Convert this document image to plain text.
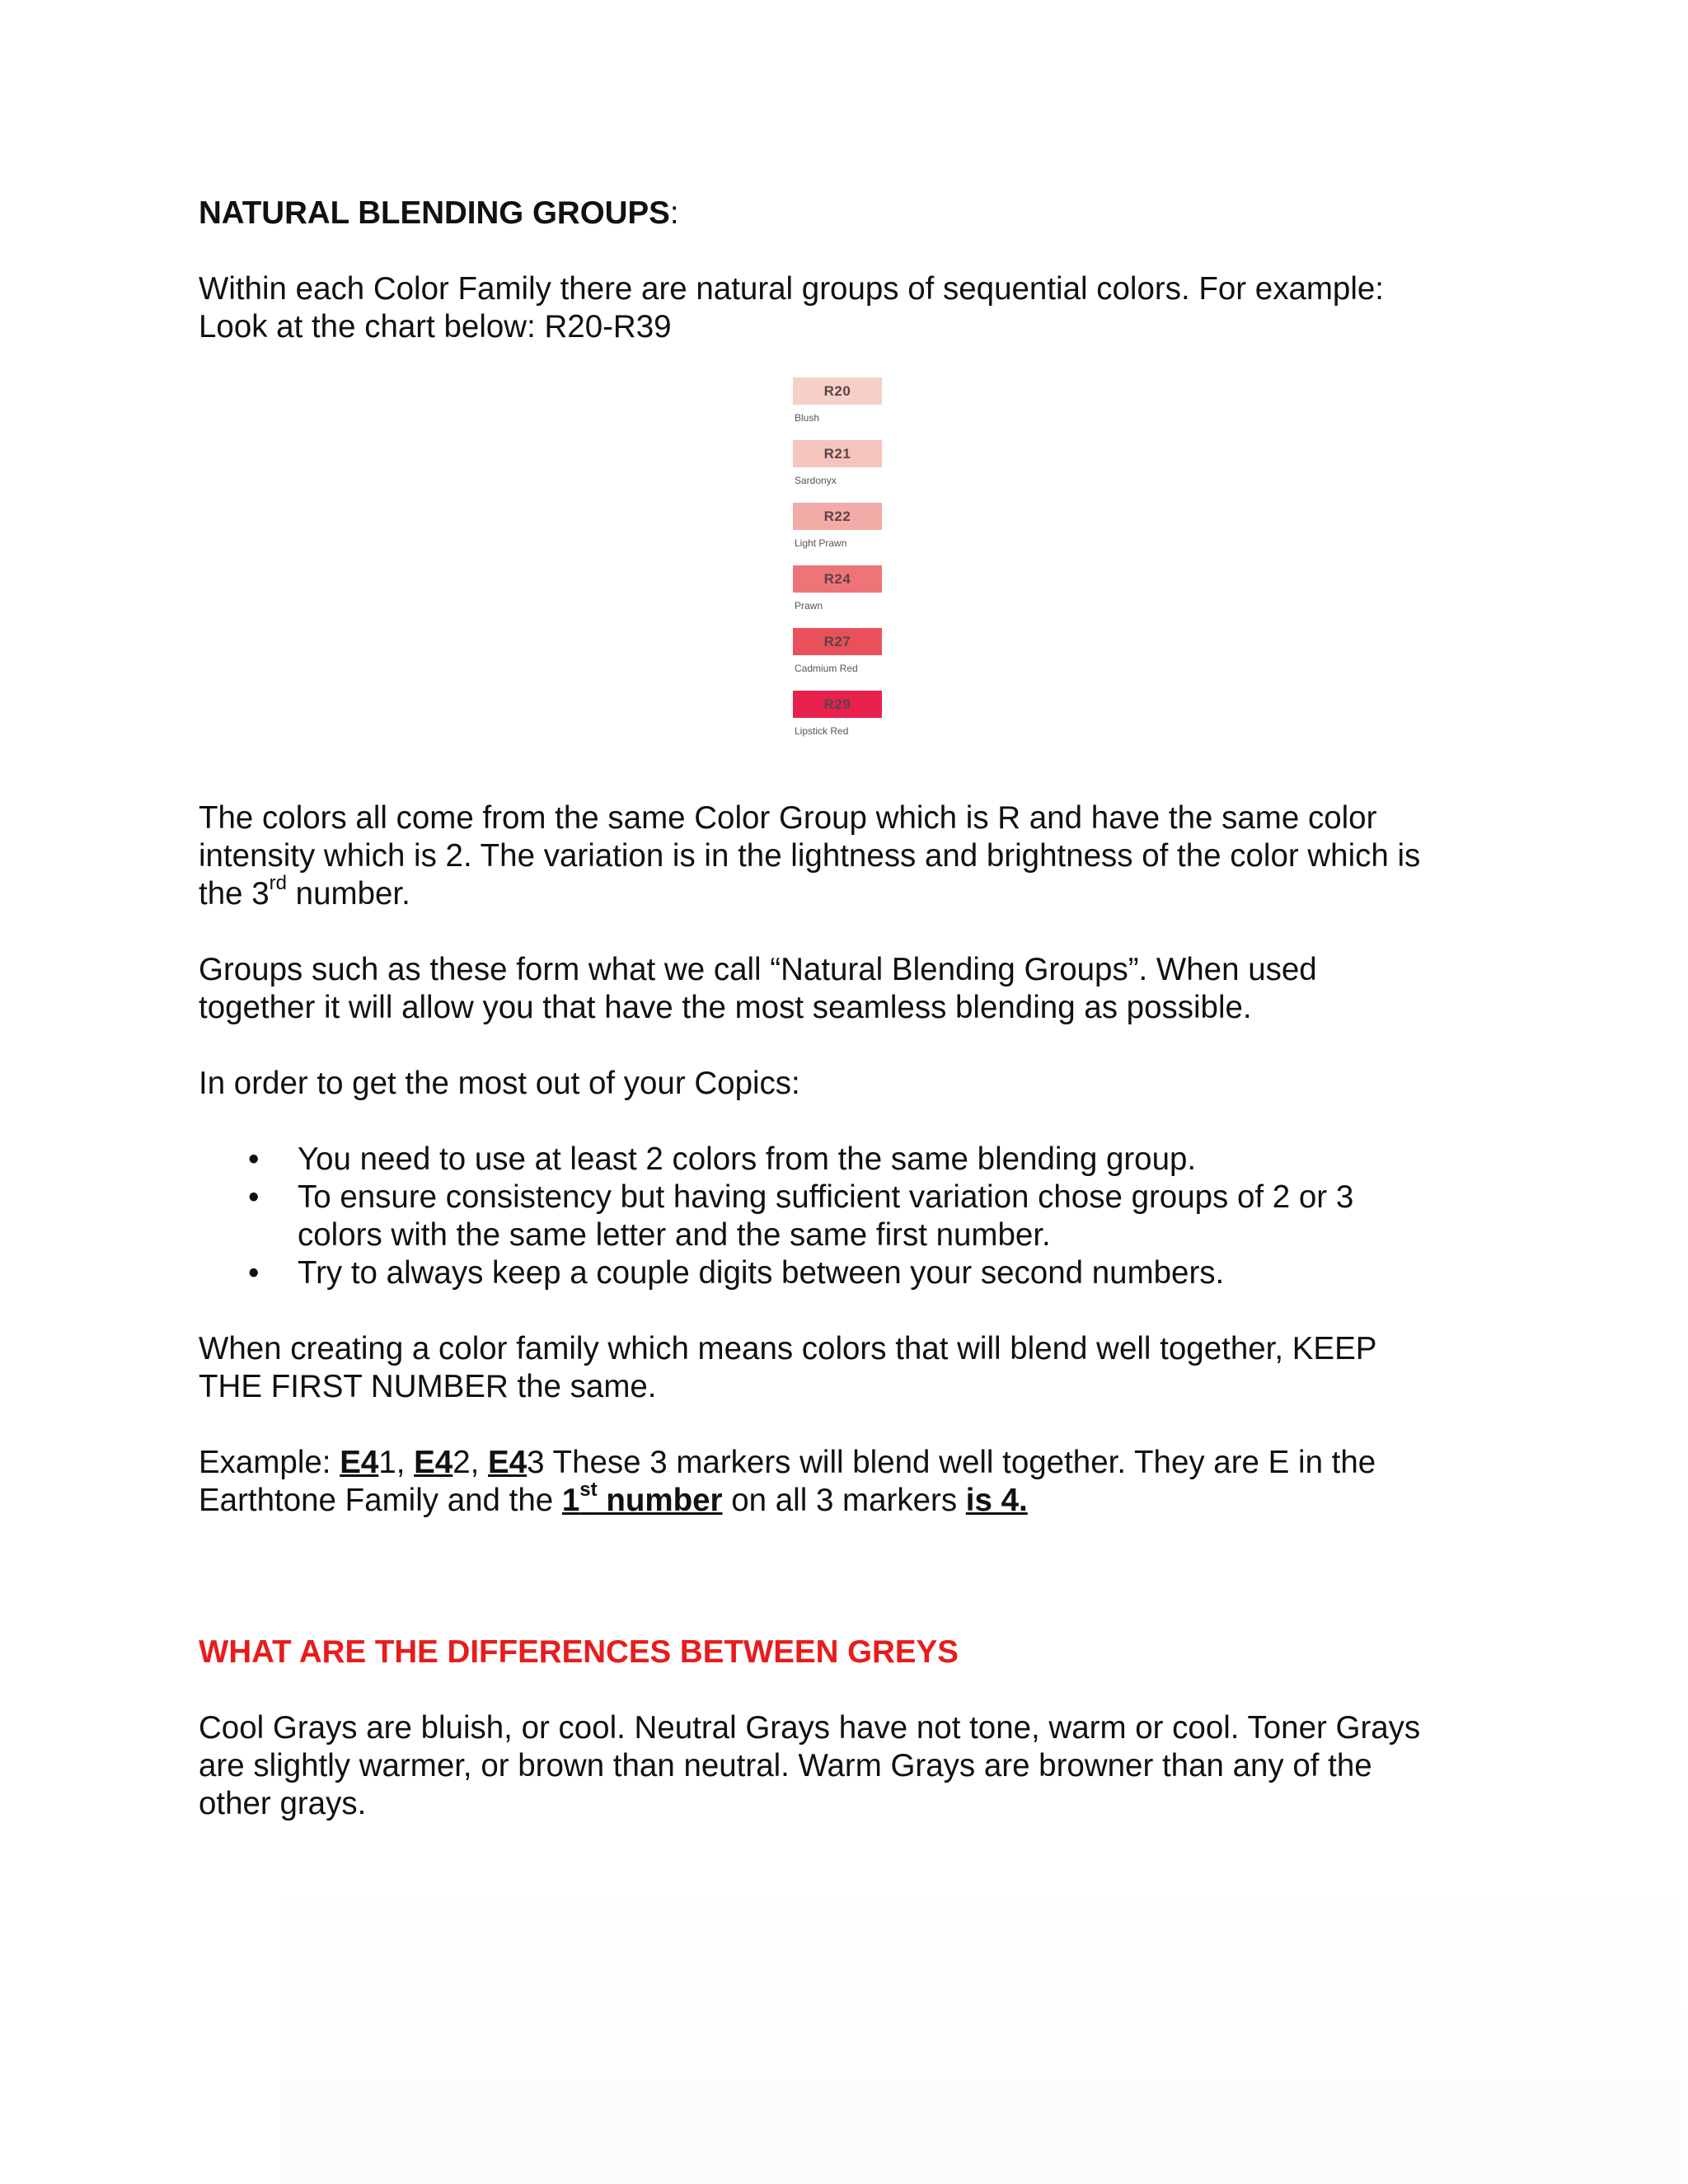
NATURAL BLENDING GROUPS:

Within each Color Family there are natural groups of sequential colors. For example:
Look at the chart below: R20-R39

R20
Blush
R21
Sardonyx
R22
Light Prawn
R24
Prawn
R27
Cadmium Red
R29
Lipstick Red

The colors all come from the same Color Group which is R and have the same color
intensity which is 2. The variation is in the lightness and brightness of the color which is
the 3rd number.

Groups such as these form what we call “Natural Blending Groups”. When used
together it will allow you that have the most seamless blending as possible.

In order to get the most out of your Copics:

• You need to use at least 2 colors from the same blending group.
• To ensure consistency but having sufficient variation chose groups of 2 or 3
colors with the same letter and the same first number.
• Try to always keep a couple digits between your second numbers.

When creating a color family which means colors that will blend well together, KEEP
THE FIRST NUMBER the same.

Example: E41, E42, E43 These 3 markers will blend well together. They are E in the
Earthtone Family and the 1st number on all 3 markers is 4.

WHAT ARE THE DIFFERENCES BETWEEN GREYS

Cool Grays are bluish, or cool. Neutral Grays have not tone, warm or cool. Toner Grays
are slightly warmer, or brown than neutral. Warm Grays are browner than any of the
other grays.
